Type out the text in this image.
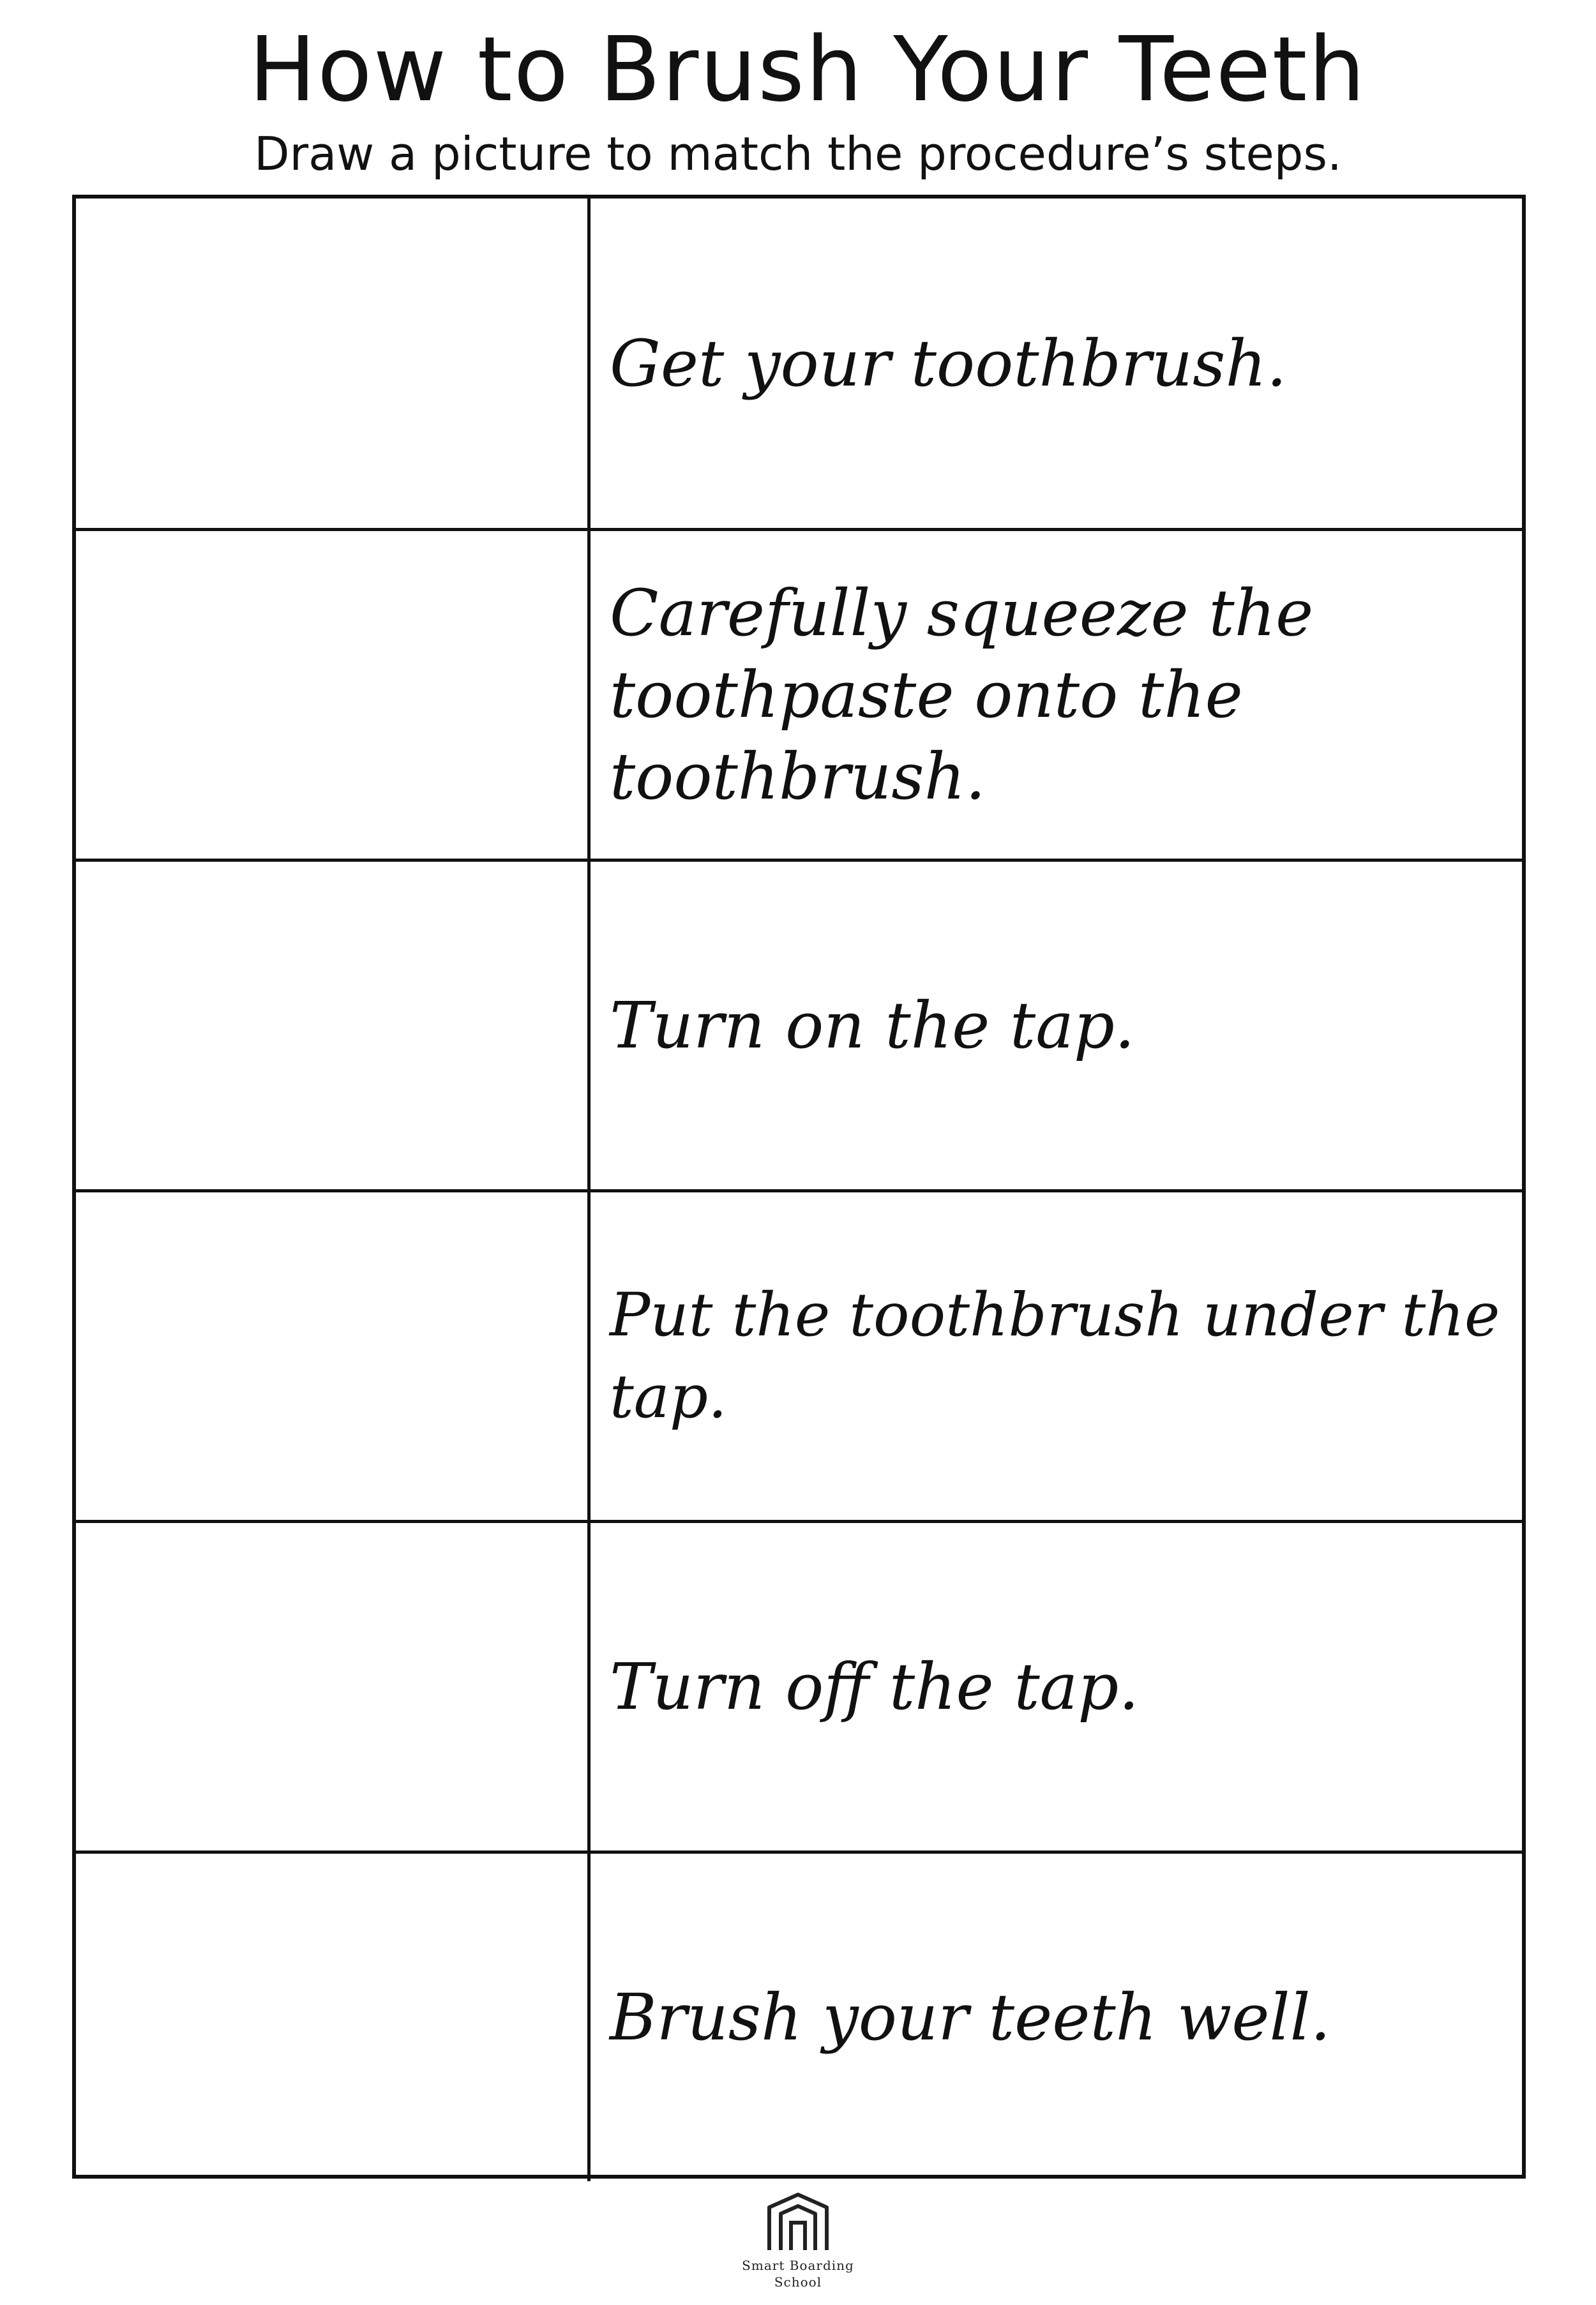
How to Brush Your Teeth

Draw a picture to match the procedure’s steps.

Get your toothbrush.

Carefully squeeze the toothpaste onto the toothbrush.

Turn on the tap.

Put the toothbrush under the tap.

Turn off the tap.

Brush your teeth well.

Smart Boarding
School
